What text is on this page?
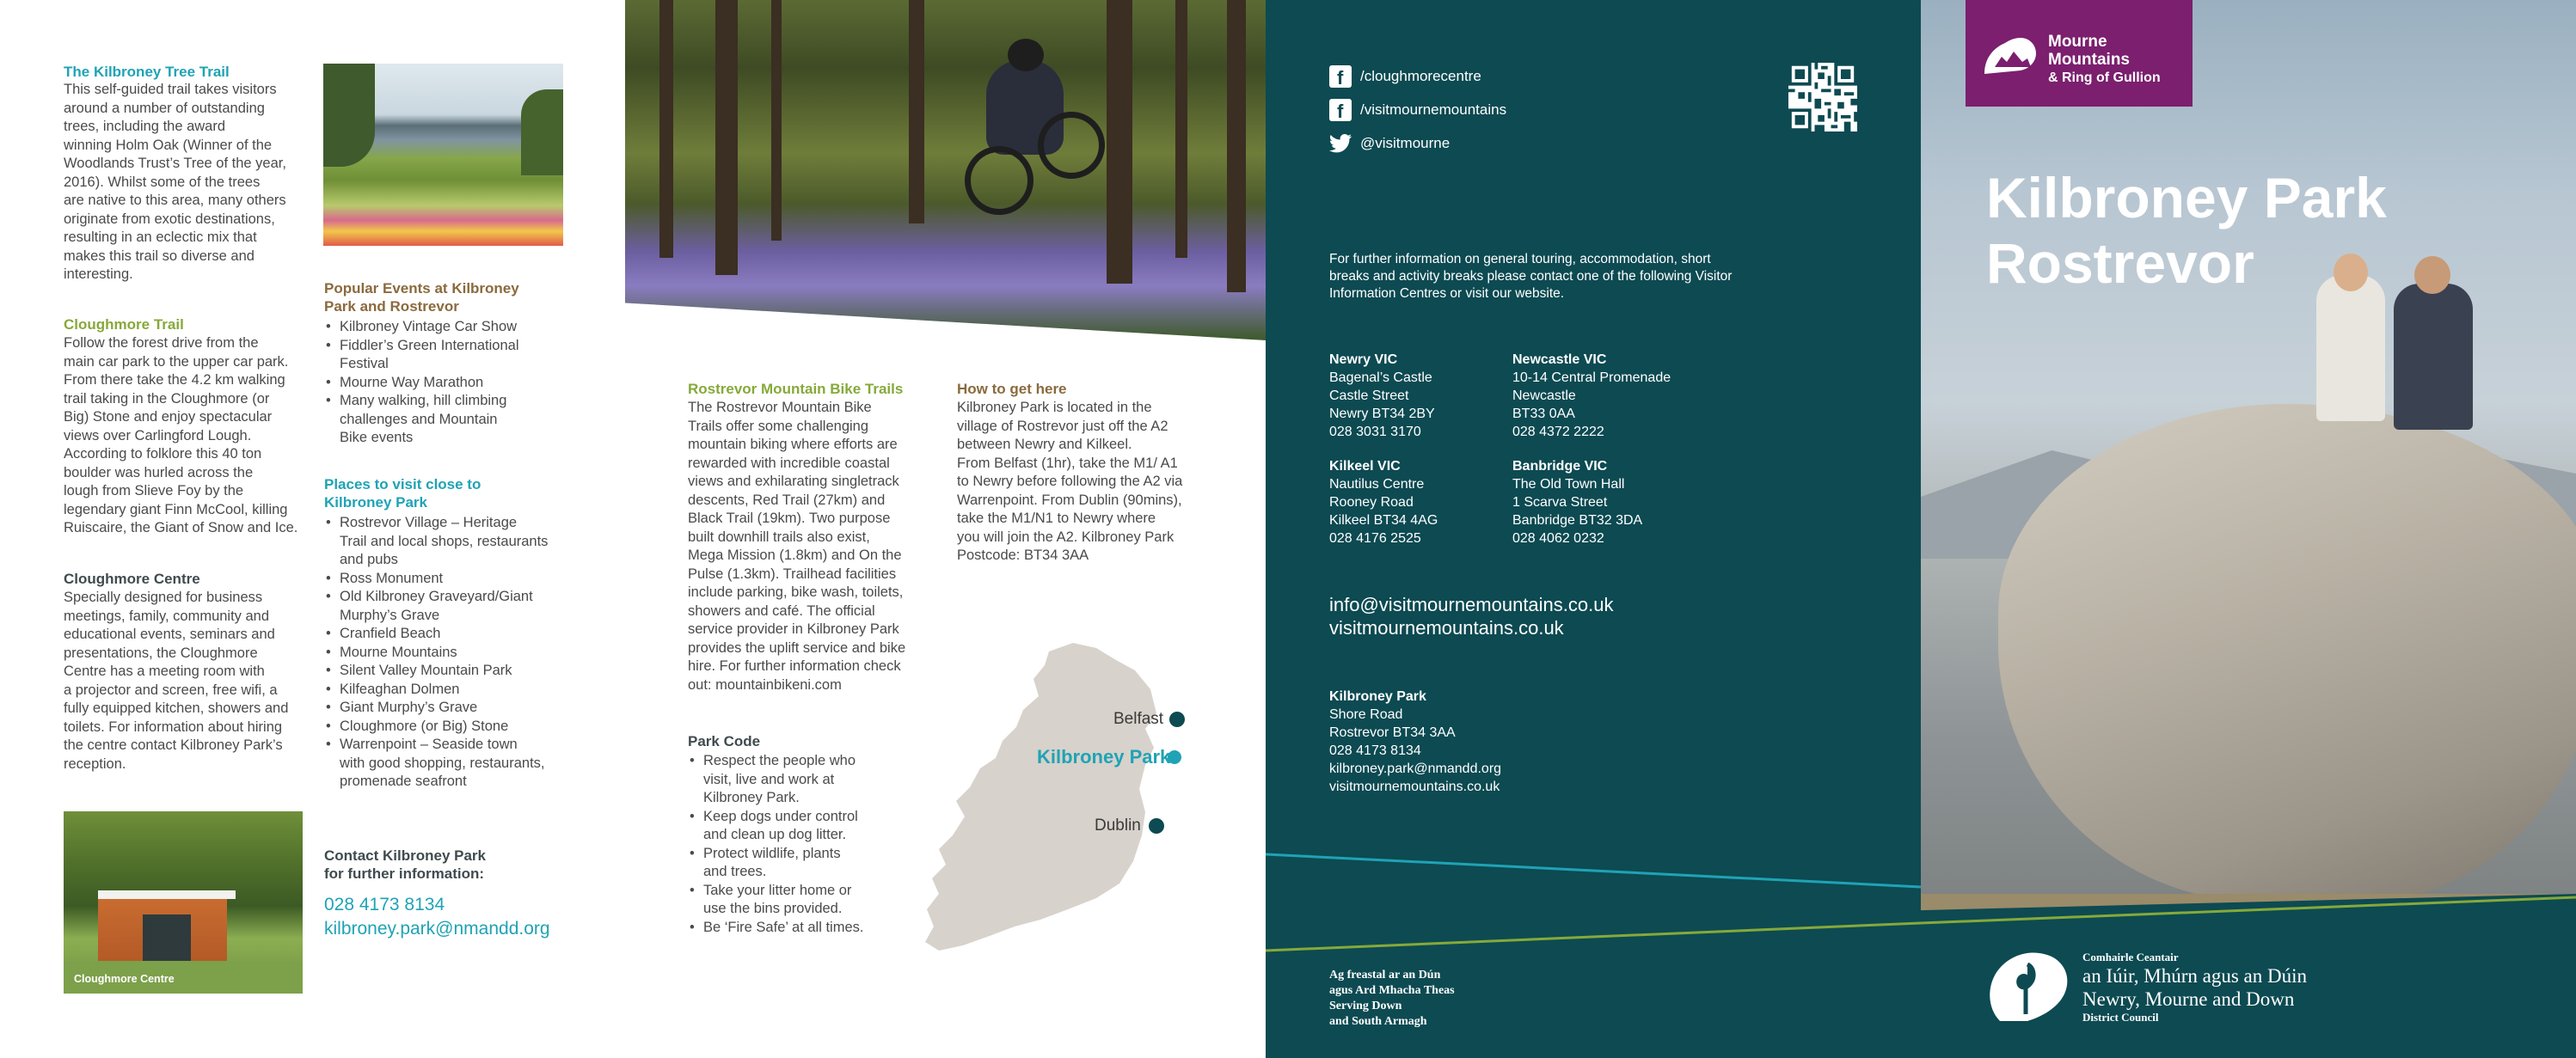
The Kilbroney Tree Trail
This self-guided trail takes visitors
around a number of outstanding
trees, including the award
winning Holm Oak (Winner of the
Woodlands Trust’s Tree of the year,
2016). Whilst some of the trees
are native to this area, many others
originate from exotic destinations,
resulting in an eclectic mix that
makes this trail so diverse and
interesting.
Cloughmore Trail
Follow the forest drive from the
main car park to the upper car park.
From there take the 4.2 km walking
trail taking in the Cloughmore (or
Big) Stone and enjoy spectacular
views over Carlingford Lough.
According to folklore this 40 ton
boulder was hurled across the
lough from Slieve Foy by the
legendary giant Finn McCool, killing
Ruiscaire, the Giant of Snow and Ice.
Cloughmore Centre
Specially designed for business
meetings, family, community and
educational events, seminars and
presentations, the Cloughmore
Centre has a meeting room with
a projector and screen, free wifi, a
fully equipped kitchen, showers and
toilets. For information about hiring
the centre contact Kilbroney Park’s
reception.
Cloughmore Centre
Popular Events at Kilbroney
Park and Rostrevor
• Kilbroney Vintage Car Show
• Fiddler’s Green International
Festival
• Mourne Way Marathon
• Many walking, hill climbing
challenges and Mountain
Bike events
Places to visit close to
Kilbroney Park
• Rostrevor Village – Heritage
Trail and local shops, restaurants
and pubs
• Ross Monument
• Old Kilbroney Graveyard/Giant
Murphy’s Grave
• Cranfield Beach
• Mourne Mountains
• Silent Valley Mountain Park
• Kilfeaghan Dolmen
• Giant Murphy’s Grave
• Cloughmore (or Big) Stone
• Warrenpoint – Seaside town
with good shopping, restaurants,
promenade seafront
Contact Kilbroney Park
for further information:
028 4173 8134
kilbroney.park@nmandd.org
Rostrevor Mountain Bike Trails
The Rostrevor Mountain Bike
Trails offer some challenging
mountain biking where efforts are
rewarded with incredible coastal
views and exhilarating singletrack
descents, Red Trail (27km) and
Black Trail (19km). Two purpose
built downhill trails also exist,
Mega Mission (1.8km) and On the
Pulse (1.3km). Trailhead facilities
include parking, bike wash, toilets,
showers and café. The official
service provider in Kilbroney Park
provides the uplift service and bike
hire. For further information check
out: mountainbikeni.com
Park Code
• Respect the people who
visit, live and work at
Kilbroney Park.
• Keep dogs under control
and clean up dog litter.
• Protect wildlife, plants
and trees.
• Take your litter home or
use the bins provided.
• Be ‘Fire Safe’ at all times.
How to get here
Kilbroney Park is located in the
village of Rostrevor just off the A2
between Newry and Kilkeel.
From Belfast (1hr), take the M1/ A1
to Newry before following the A2 via
Warrenpoint. From Dublin (90mins),
take the M1/N1 to Newry where
you will join the A2. Kilbroney Park
Postcode: BT34 3AA
Belfast
Kilbroney Park
Dublin
f /cloughmorecentre
f /visitmournemountains
@visitmourne
For further information on general touring, accommodation, short
breaks and activity breaks please contact one of the following Visitor
Information Centres or visit our website.
Newry VIC
Bagenal’s Castle
Castle Street
Newry BT34 2BY
028 3031 3170
Newcastle VIC
10-14 Central Promenade
Newcastle
BT33 0AA
028 4372 2222
Kilkeel VIC
Nautilus Centre
Rooney Road
Kilkeel BT34 4AG
028 4176 2525
Banbridge VIC
The Old Town Hall
1 Scarva Street
Banbridge BT32 3DA
028 4062 0232
info@visitmournemountains.co.uk
visitmournemountains.co.uk
Kilbroney Park
Shore Road
Rostrevor BT34 3AA
028 4173 8134
kilbroney.park@nmandd.org
visitmournemountains.co.uk
Ag freastal ar an Dún
agus Ard Mhacha Theas
Serving Down
and South Armagh
Mourne
Mountains
& Ring of Gullion
Kilbroney Park
Rostrevor
Comhairle Ceantair
an Iúir, Mhúrn agus an Dúin
Newry, Mourne and Down
District Council
